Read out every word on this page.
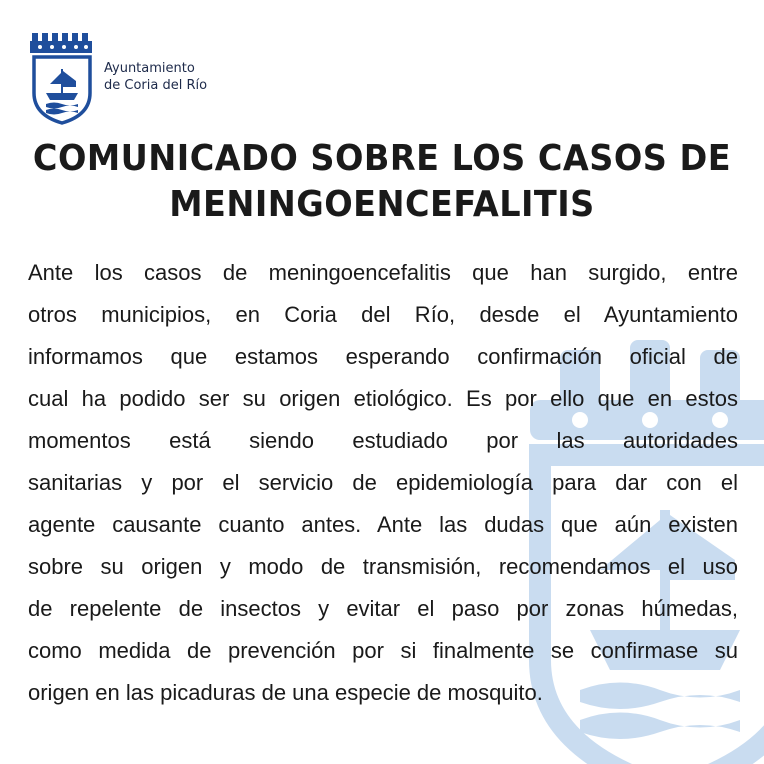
Ayuntamiento
de Coria del Río
COMUNICADO SOBRE LOS CASOS DE
MENINGOENCEFALITIS
Ante los casos de meningoencefalitis que han surgido, entre
otros municipios, en Coria del Río, desde el Ayuntamiento
informamos que estamos esperando confirmación oficial de
cual ha podido ser su origen etiológico. Es por ello que en estos
momentos está siendo estudiado por las autoridades
sanitarias y por el servicio de epidemiología para dar con el
agente causante cuanto antes. Ante las dudas que aún existen
sobre su origen y modo de transmisión, recomendamos el uso
de repelente de insectos y evitar el paso por zonas húmedas,
como medida de prevención por si finalmente se confirmase su
origen en las picaduras de una especie de mosquito.
